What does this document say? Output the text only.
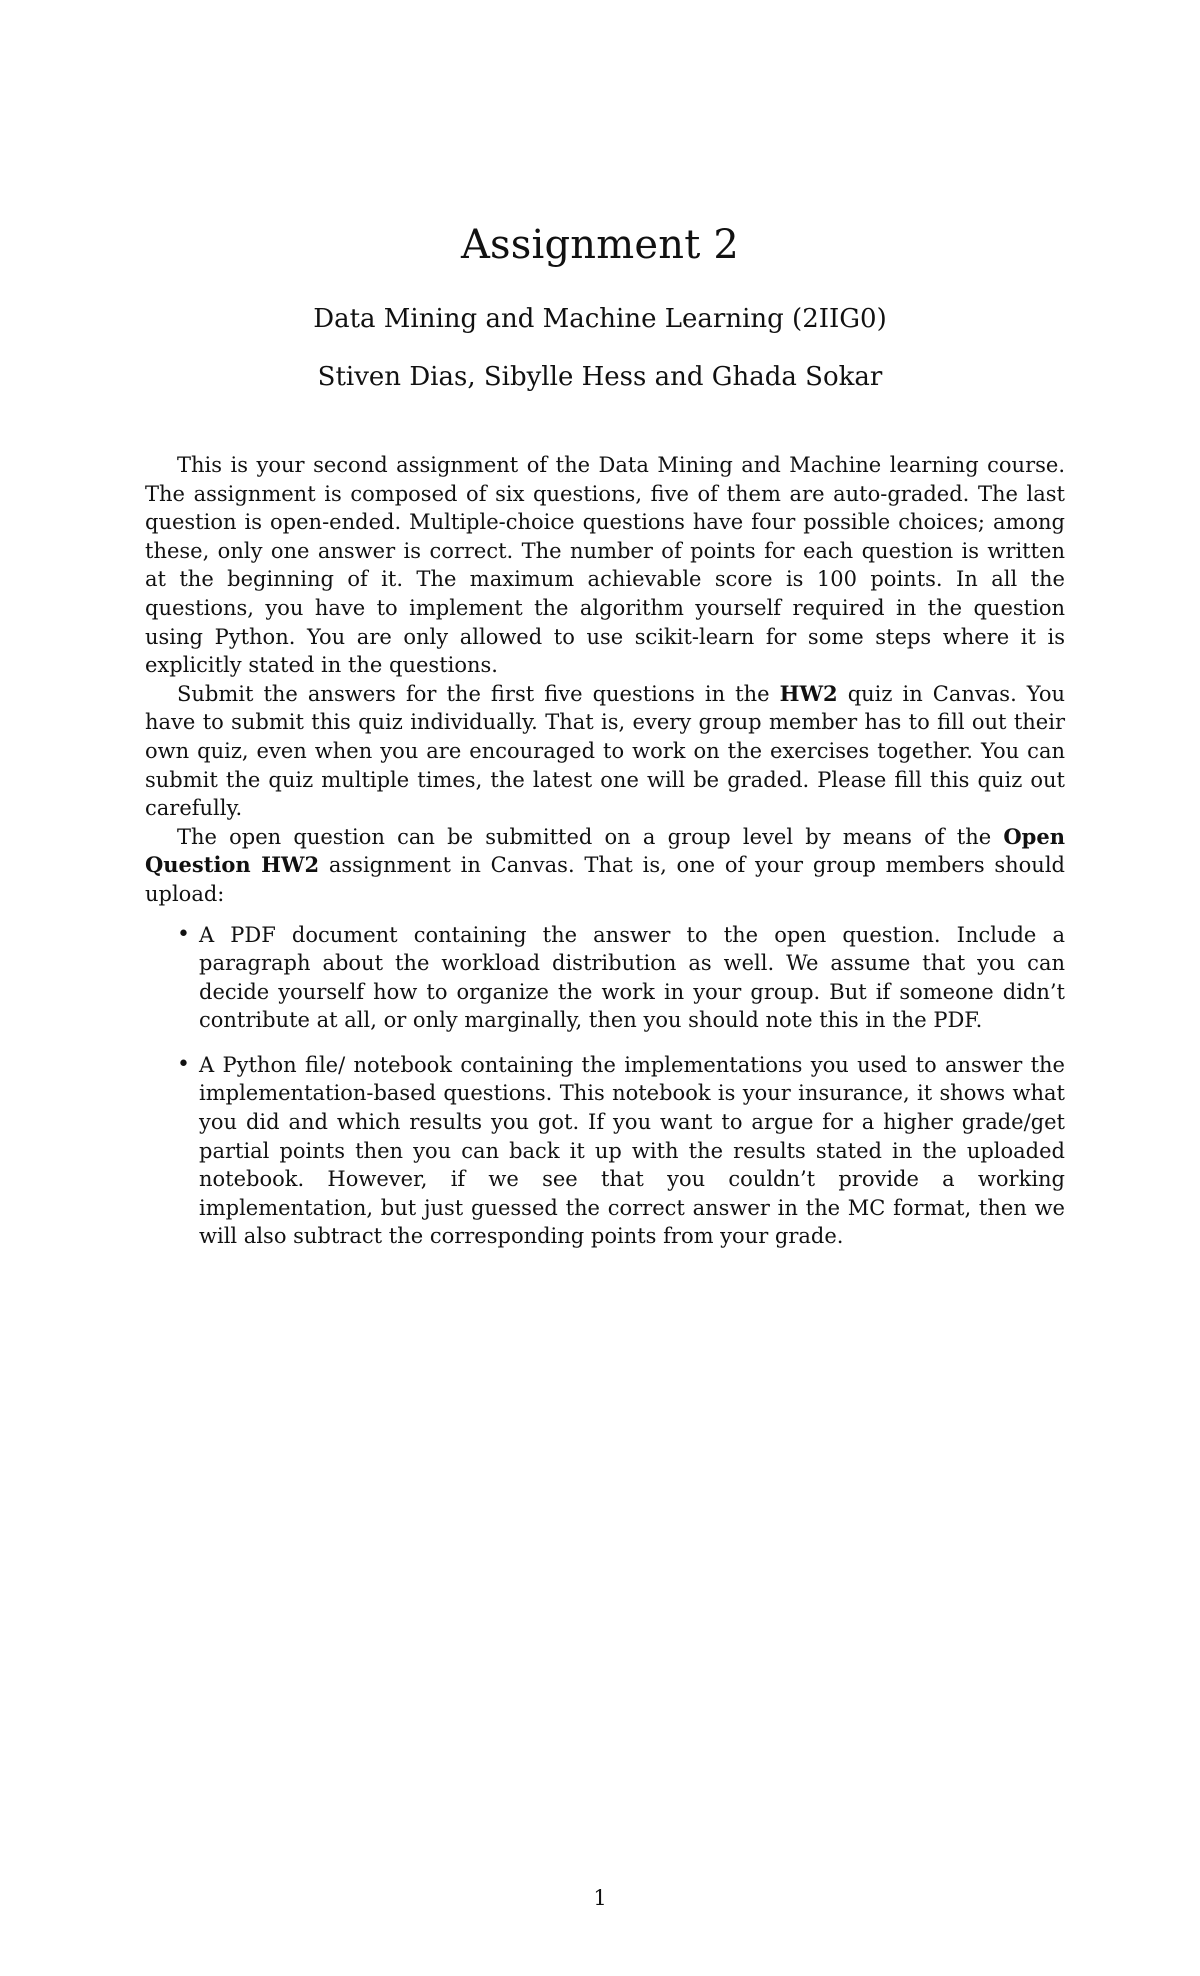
Assignment 2
Data Mining and Machine Learning (2IIG0)
Stiven Dias, Sibylle Hess and Ghada Sokar

This is your second assignment of the Data Mining and Machine learning course. The assignment is composed of six questions, five of them are auto-graded. The last question is open-ended. Multiple-choice questions have four possible choices; among these, only one answer is correct. The number of points for each question is written at the beginning of it. The maximum achievable score is 100 points. In all the questions, you have to implement the algorithm yourself required in the question using Python. You are only allowed to use scikit-learn for some steps where it is explicitly stated in the questions.

Submit the answers for the first five questions in the HW2 quiz in Canvas. You have to submit this quiz individually. That is, every group member has to fill out their own quiz, even when you are encouraged to work on the exercises together. You can submit the quiz multiple times, the latest one will be graded. Please fill this quiz out carefully.

The open question can be submitted on a group level by means of the Open Question HW2 assignment in Canvas. That is, one of your group members should upload:

• A PDF document containing the answer to the open question. Include a paragraph about the workload distribution as well. We assume that you can decide yourself how to organize the work in your group. But if someone didn’t contribute at all, or only marginally, then you should note this in the PDF.
• A Python file/ notebook containing the implementations you used to answer the implementation-based questions. This notebook is your insurance, it shows what you did and which results you got. If you want to argue for a higher grade/get partial points then you can back it up with the results stated in the uploaded notebook. However, if we see that you couldn’t provide a working implementation, but just guessed the correct answer in the MC format, then we will also subtract the corresponding points from your grade.
1
